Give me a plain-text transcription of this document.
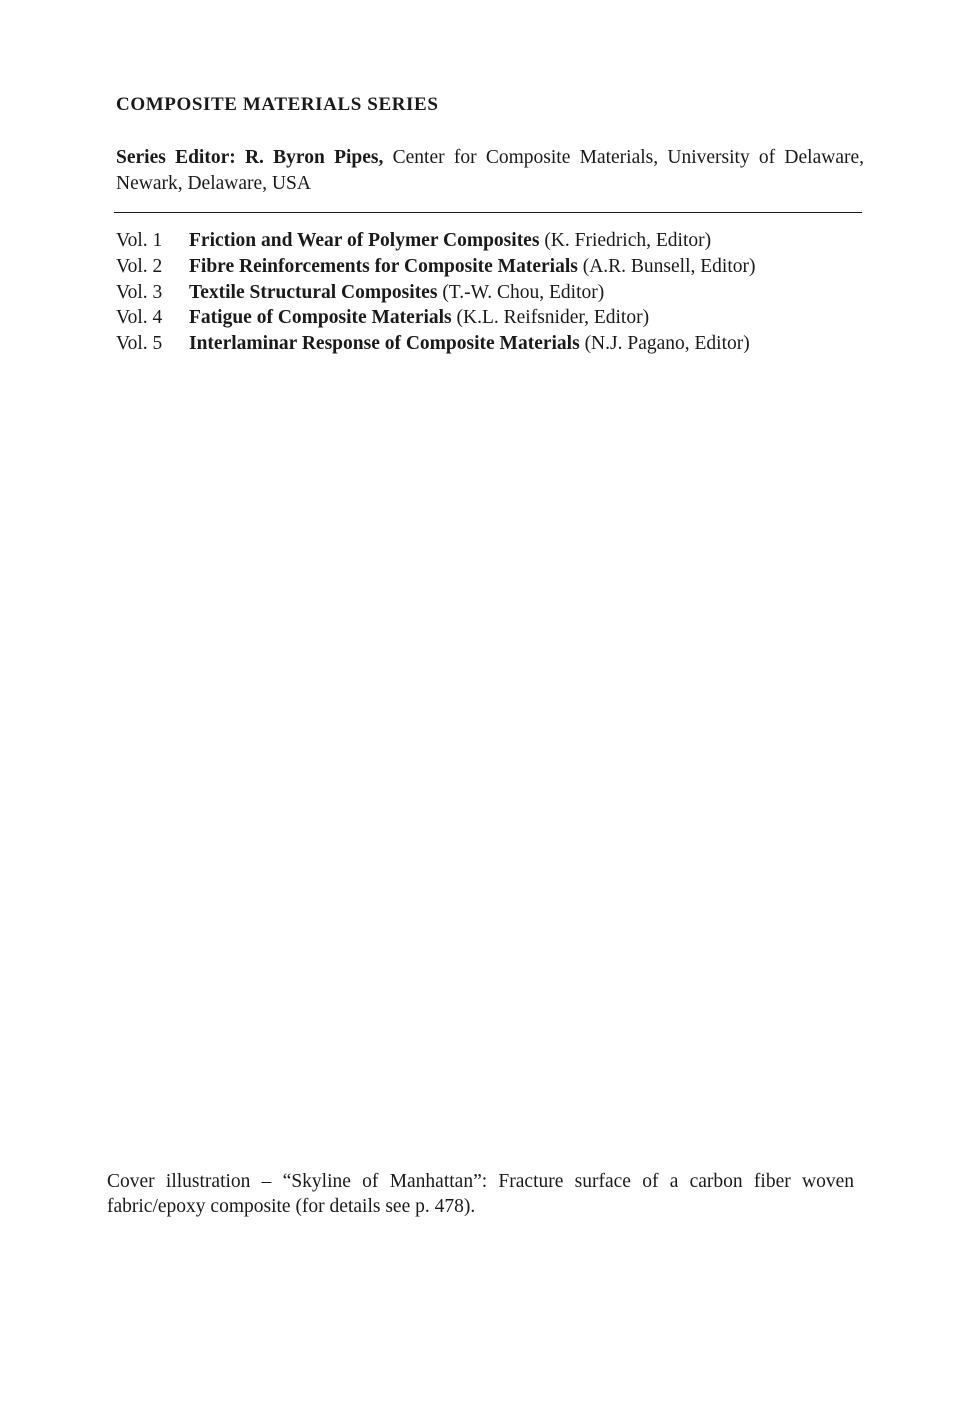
COMPOSITE MATERIALS SERIES

Series Editor: R. Byron Pipes, Center for Composite Materials, University of Delaware, Newark, Delaware, USA

Vol. 1 Friction and Wear of Polymer Composites (K. Friedrich, Editor)
Vol. 2 Fibre Reinforcements for Composite Materials (A.R. Bunsell, Editor)
Vol. 3 Textile Structural Composites (T.-W. Chou, Editor)
Vol. 4 Fatigue of Composite Materials (K.L. Reifsnider, Editor)
Vol. 5 Interlaminar Response of Composite Materials (N.J. Pagano, Editor)

Cover illustration – “Skyline of Manhattan”: Fracture surface of a carbon fiber woven fabric/epoxy composite (for details see p. 478).
